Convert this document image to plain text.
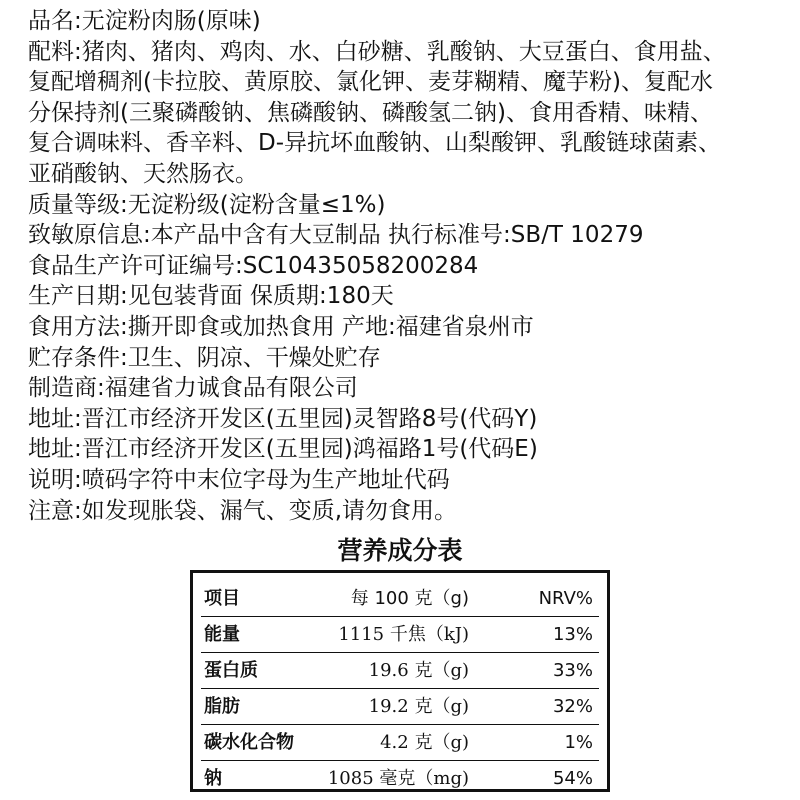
品名:无淀粉肉肠(原味)
配料:猪肉、猪肉、鸡肉、水、白砂糖、乳酸钠、大豆蛋白、食用盐、
复配增稠剂(卡拉胶、黄原胶、氯化钾、麦芽糊精、魔芋粉)、复配水
分保持剂(三聚磷酸钠、焦磷酸钠、磷酸氢二钠)、食用香精、味精、
复合调味料、香辛料、D-异抗坏血酸钠、山梨酸钾、乳酸链球菌素、
亚硝酸钠、天然肠衣。
质量等级:无淀粉级(淀粉含量≤1%)
致敏原信息:本产品中含有大豆制品 执行标准号:SB/T 10279
食品生产许可证编号:SC10435058200284
生产日期:见包装背面 保质期:180天
食用方法:撕开即食或加热食用 产地:福建省泉州市
贮存条件:卫生、阴凉、干燥处贮存
制造商:福建省力诚食品有限公司
地址:晋江市经济开发区(五里园)灵智路8号(代码Y)
地址:晋江市经济开发区(五里园)鸿福路1号(代码E)
说明:喷码字符中末位字母为生产地址代码
注意:如发现胀袋、漏气、变质,请勿食用。
营养成分表
项目	每 100 克（g)	NRV%
能量	1115 千焦（kJ)	13%
蛋白质	19.6 克（g)	33%
脂肪	19.2 克（g)	32%
碳水化合物	4.2 克（g)	1%
钠	1085 毫克（mg)	54%
